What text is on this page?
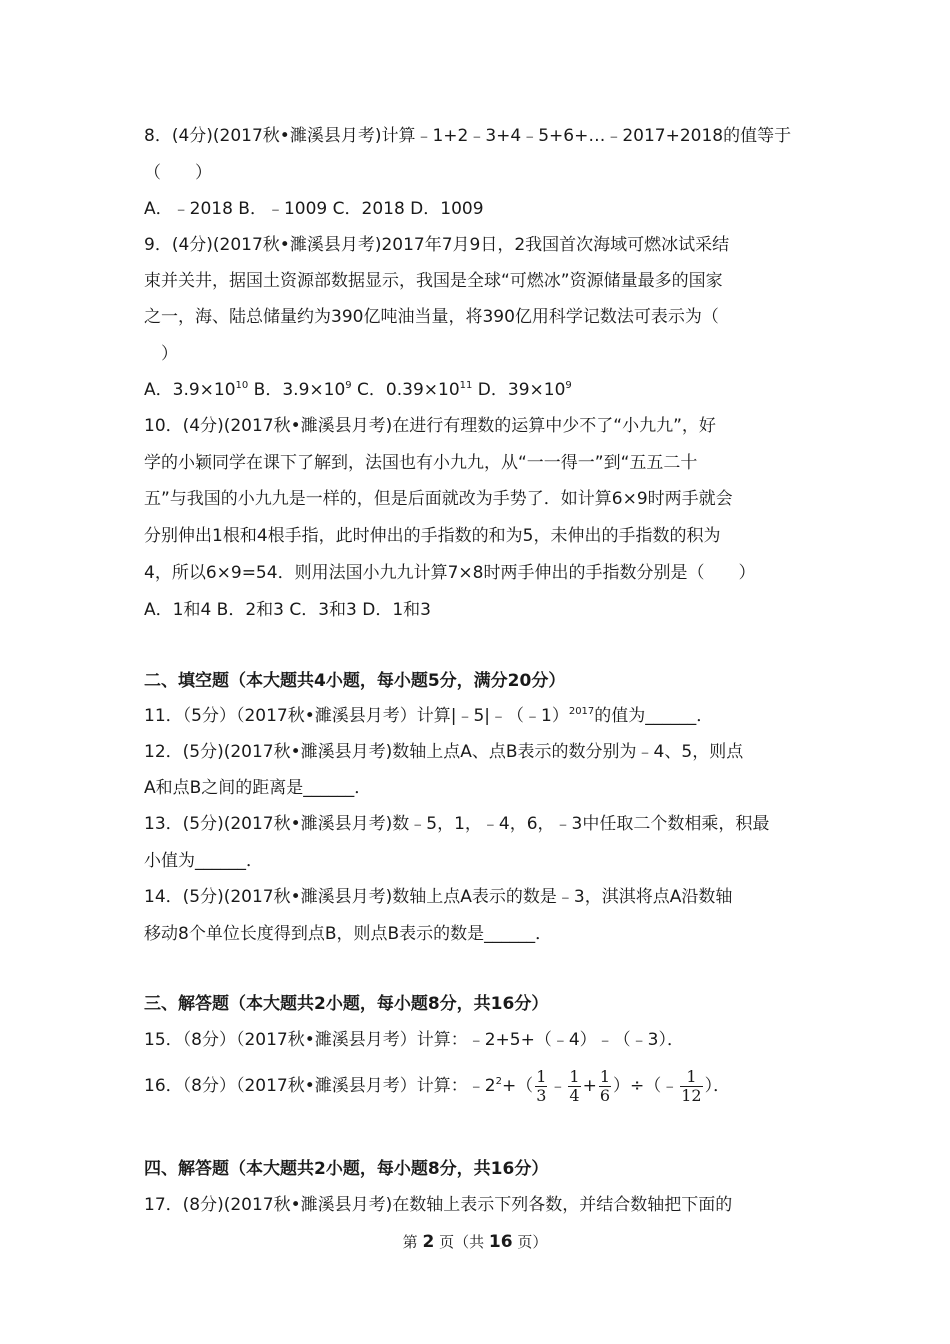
8．(4分)(2017秋•濉溪县月考)计算﹣1+2﹣3+4﹣5+6+…﹣2017+2018的值等于
（　　）
A．﹣2018 B．﹣1009 C．2018 D．1009
9．(4分)(2017秋•濉溪县月考)2017年7月9日，2我国首次海域可燃冰试采结
束并关井，据国土资源部数据显示，我国是全球“可燃冰”资源储量最多的国家
之一，海、陆总储量约为390亿吨油当量，将390亿用科学记数法可表示为（
　）
A．$3.9\times 10^{10}$ B．$3.9\times 10^9$ C．$0.39\times 10^{11}$ D．$39\times 10^9$
10．(4分)(2017秋•濉溪县月考)在进行有理数的运算中少不了“小九九”，好
学的小颖同学在课下了解到，法国也有小九九，从“一一得一”到“五五二十
五”与我国的小九九是一样的，但是后面就改为手势了．如计算6×9时两手就会
分别伸出1根和4根手指，此时伸出的手指数的和为5，未伸出的手指数的积为
4，所以6×9=54．则用法国小九九计算7×8时两手伸出的手指数分别是（　　）
A．1和4 B．2和3 C．3和3 D．1和3
二、填空题（本大题共4小题，每小题5分，满分20分）
11．（5分）（2017秋•濉溪县月考）计算|﹣5|﹣（﹣1）$^{2017}$的值为______．
12．(5分)(2017秋•濉溪县月考)数轴上点A、点B表示的数分别为﹣4、5，则点
A和点B之间的距离是______．
13．(5分)(2017秋•濉溪县月考)数﹣5，1，﹣4，6，﹣3中任取二个数相乘，积最
小值为______．
14．(5分)(2017秋•濉溪县月考)数轴上点A表示的数是﹣3，淇淇将点A沿数轴
移动8个单位长度得到点B，则点B表示的数是______．
三、解答题（本大题共2小题，每小题8分，共16分）
15．（8分）（2017秋•濉溪县月考）计算：﹣2+5+（﹣4）﹣（﹣3）．
16．（8分）（2017秋•濉溪县月考）计算：$﹣2^2+( \frac{1}{3}$ ﹣ $\frac{1}{4} + \frac{1}{6}$ ）÷（﹣ $\frac{1}{12}$ ）．
四、解答题（本大题共2小题，每小题8分，共16分）
17．(8分)(2017秋•濉溪县月考)在数轴上表示下列各数，并结合数轴把下面的
第 2 页（共 16 页）
